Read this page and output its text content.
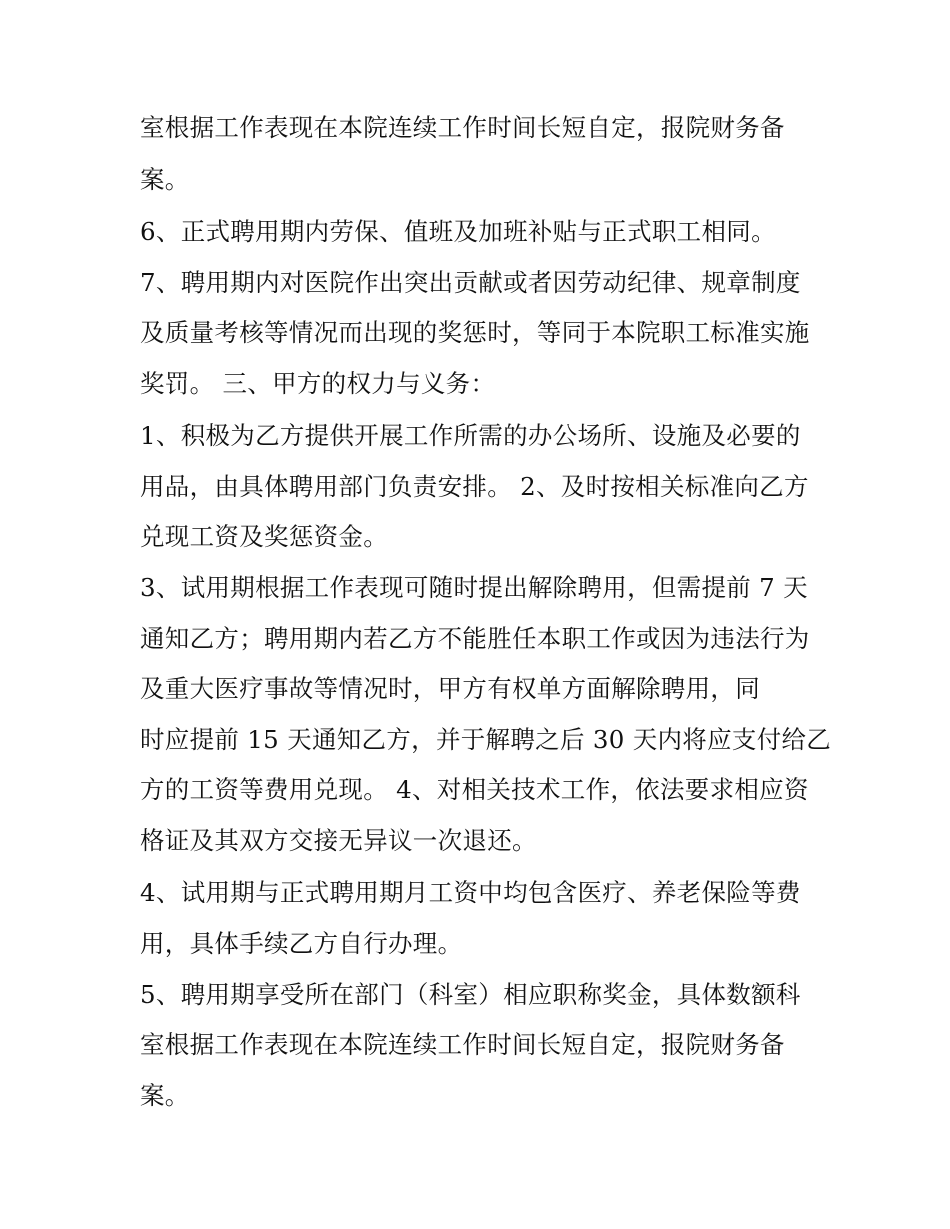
室根据工作表现在本院连续工作时间长短自定，报院财务备
案。
6、正式聘用期内劳保、值班及加班补贴与正式职工相同。
7、聘用期内对医院作出突出贡献或者因劳动纪律、规章制度
及质量考核等情况而出现的奖惩时，等同于本院职工标准实施
奖罚。 三、甲方的权力与义务：
1、积极为乙方提供开展工作所需的办公场所、设施及必要的
用品，由具体聘用部门负责安排。 2、及时按相关标准向乙方
兑现工资及奖惩资金。
3、试用期根据工作表现可随时提出解除聘用，但需提前 7 天
通知乙方；聘用期内若乙方不能胜任本职工作或因为违法行为
及重大医疗事故等情况时，甲方有权单方面解除聘用，同
时应提前 15 天通知乙方，并于解聘之后 30 天内将应支付给乙
方的工资等费用兑现。 4、对相关技术工作，依法要求相应资
格证及其双方交接无异议一次退还。
4、试用期与正式聘用期月工资中均包含医疗、养老保险等费
用，具体手续乙方自行办理。
5、聘用期享受所在部门（科室）相应职称奖金，具体数额科
室根据工作表现在本院连续工作时间长短自定，报院财务备
案。
